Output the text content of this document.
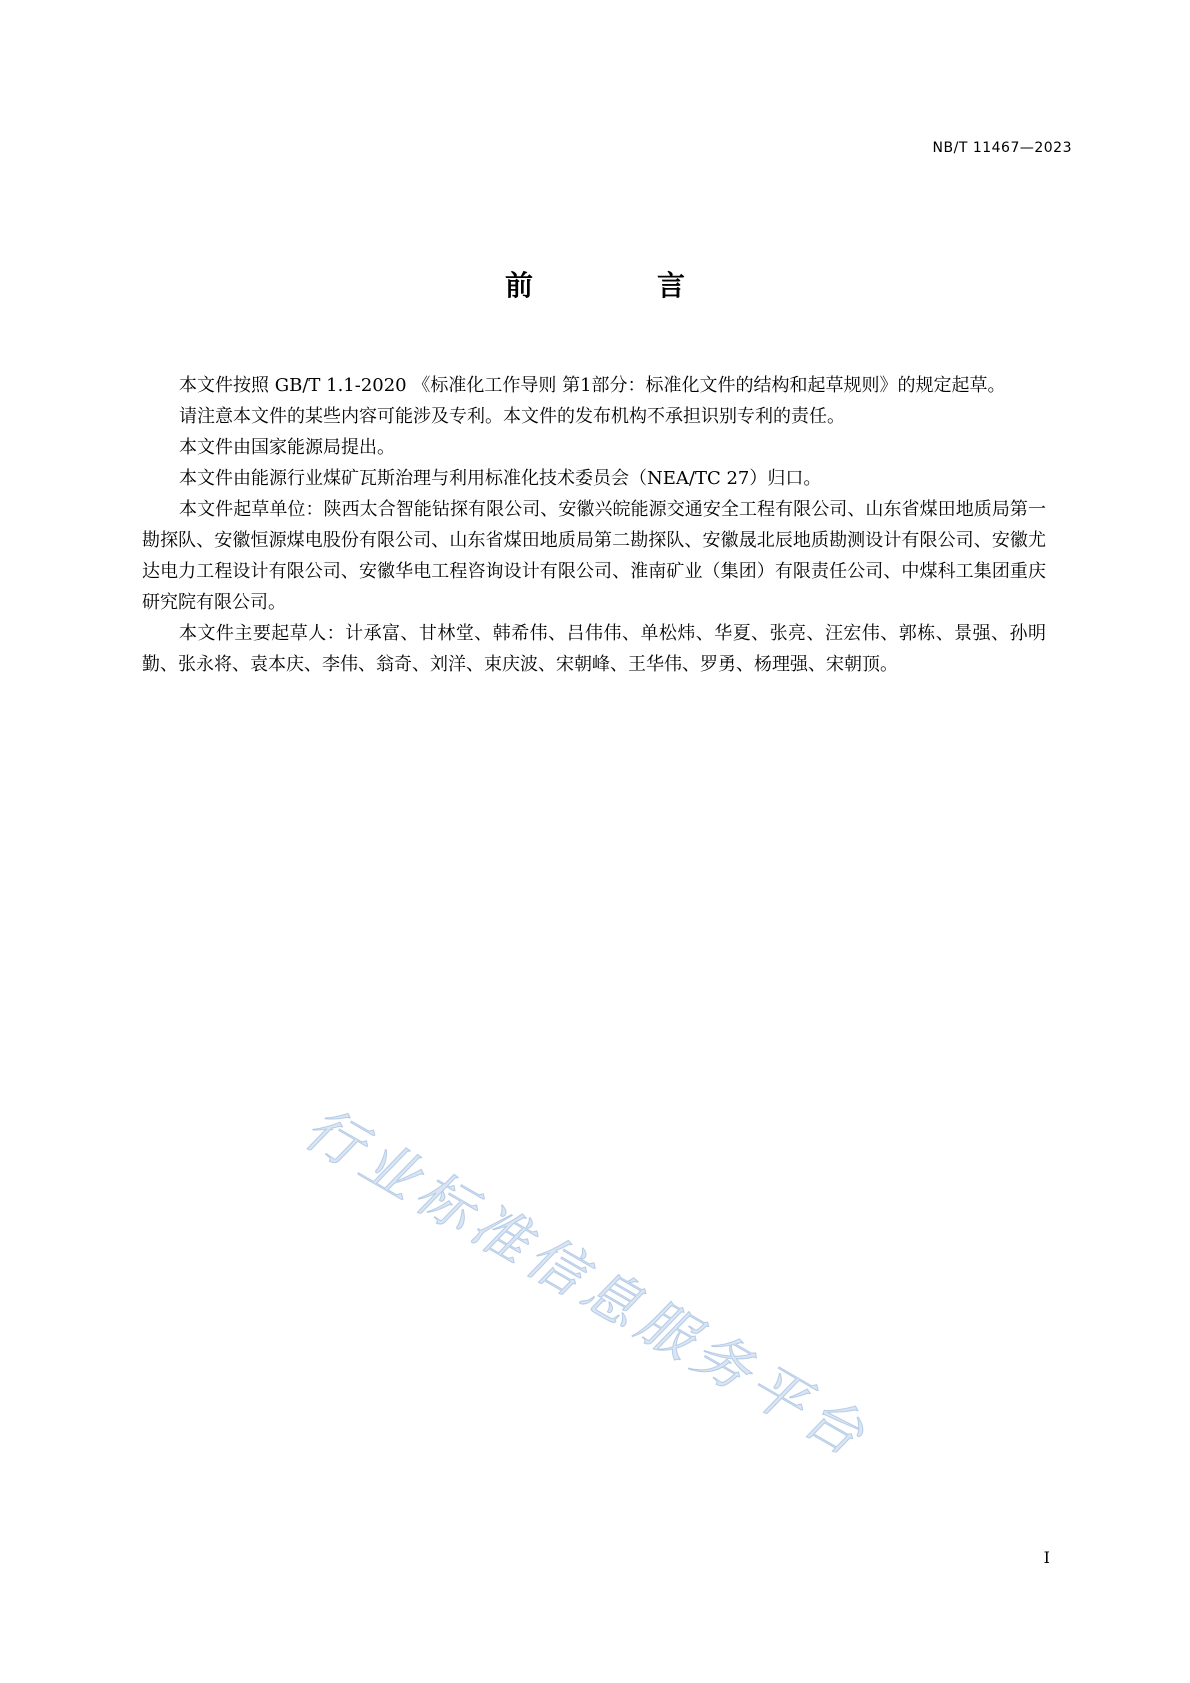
NB/T 11467—2023
前　言

本文件按照 GB/T 1.1-2020 《标准化工作导则 第1部分：标准化文件的结构和起草规则》的规定起草。

请注意本文件的某些内容可能涉及专利。本文件的发布机构不承担识别专利的责任。

本文件由国家能源局提出。

本文件由能源行业煤矿瓦斯治理与利用标准化技术委员会（NEA/TC 27）归口。

本文件起草单位：陕西太合智能钻探有限公司、安徽兴皖能源交通安全工程有限公司、山东省煤田地质局第一勘探队、安徽恒源煤电股份有限公司、山东省煤田地质局第二勘探队、安徽晟北辰地质勘测设计有限公司、安徽尤达电力工程设计有限公司、安徽华电工程咨询设计有限公司、淮南矿业（集团）有限责任公司、中煤科工集团重庆研究院有限公司。

本文件主要起草人：计承富、甘林堂、韩希伟、吕伟伟、单松炜、华夏、张亮、汪宏伟、郭栋、景强、孙明勤、张永将、袁本庆、李伟、翁奇、刘洋、束庆波、宋朝峰、王华伟、罗勇、杨理强、宋朝顶。

行业标准信息服务平台
I
